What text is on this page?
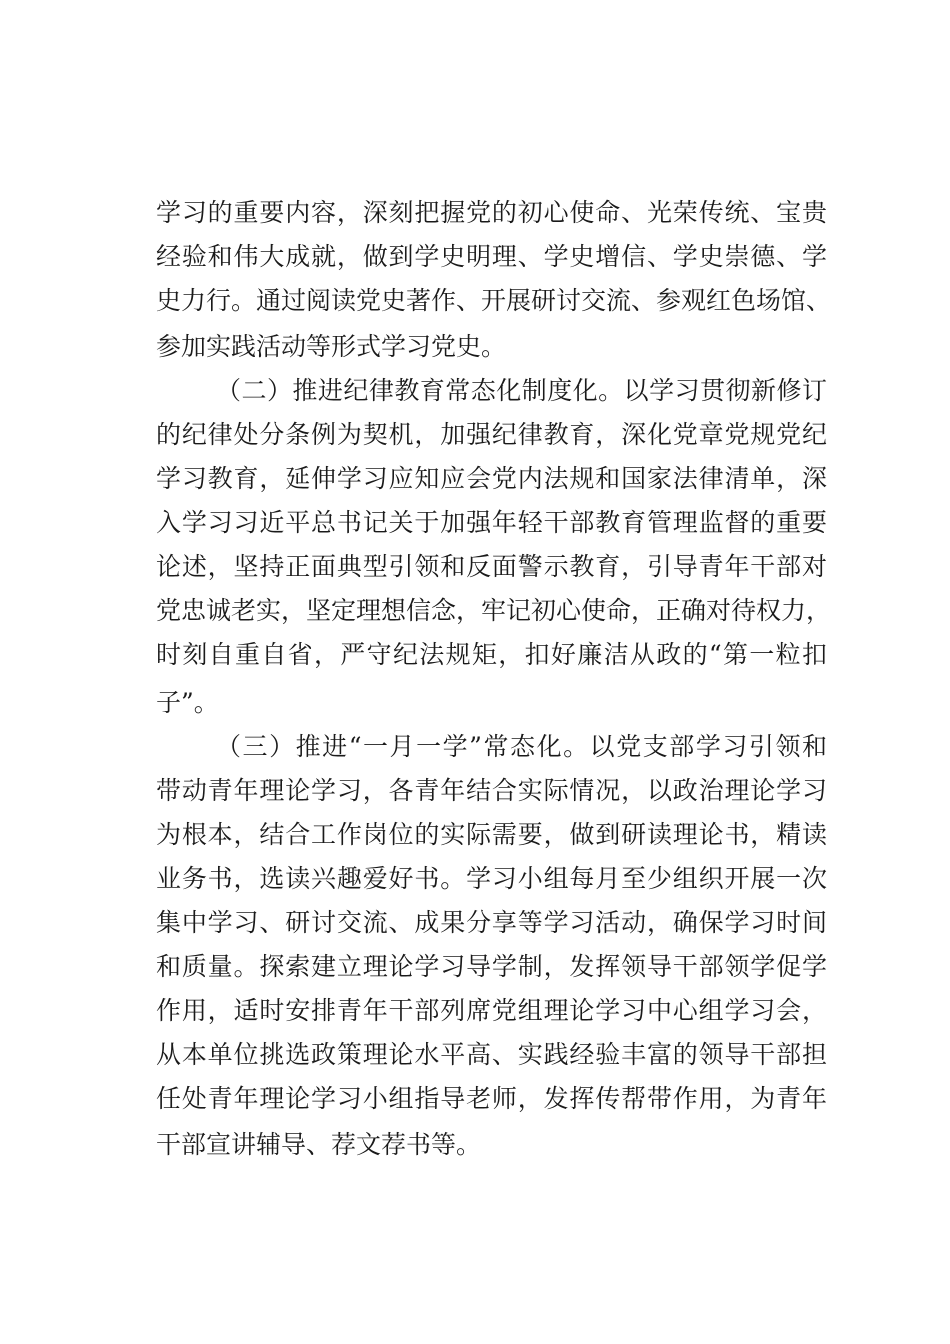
学习的重要内容，深刻把握党的初心使命、光荣传统、宝贵
经验和伟大成就，做到学史明理、学史增信、学史崇德、学
史力行。通过阅读党史著作、开展研讨交流、参观红色场馆、
参加实践活动等形式学习党史。
（二）推进纪律教育常态化制度化。以学习贯彻新修订
的纪律处分条例为契机，加强纪律教育，深化党章党规党纪
学习教育，延伸学习应知应会党内法规和国家法律清单，深
入学习习近平总书记关于加强年轻干部教育管理监督的重要
论述，坚持正面典型引领和反面警示教育，引导青年干部对
党忠诚老实，坚定理想信念，牢记初心使命，正确对待权力，
时刻自重自省，严守纪法规矩，扣好廉洁从政的“第一粒扣
子”。
（三）推进“一月一学”常态化。以党支部学习引领和
带动青年理论学习，各青年结合实际情况，以政治理论学习
为根本，结合工作岗位的实际需要，做到研读理论书，精读
业务书，选读兴趣爱好书。学习小组每月至少组织开展一次
集中学习、研讨交流、成果分享等学习活动，确保学习时间
和质量。探索建立理论学习导学制，发挥领导干部领学促学
作用，适时安排青年干部列席党组理论学习中心组学习会，
从本单位挑选政策理论水平高、实践经验丰富的领导干部担
任处青年理论学习小组指导老师，发挥传帮带作用，为青年
干部宣讲辅导、荐文荐书等。
